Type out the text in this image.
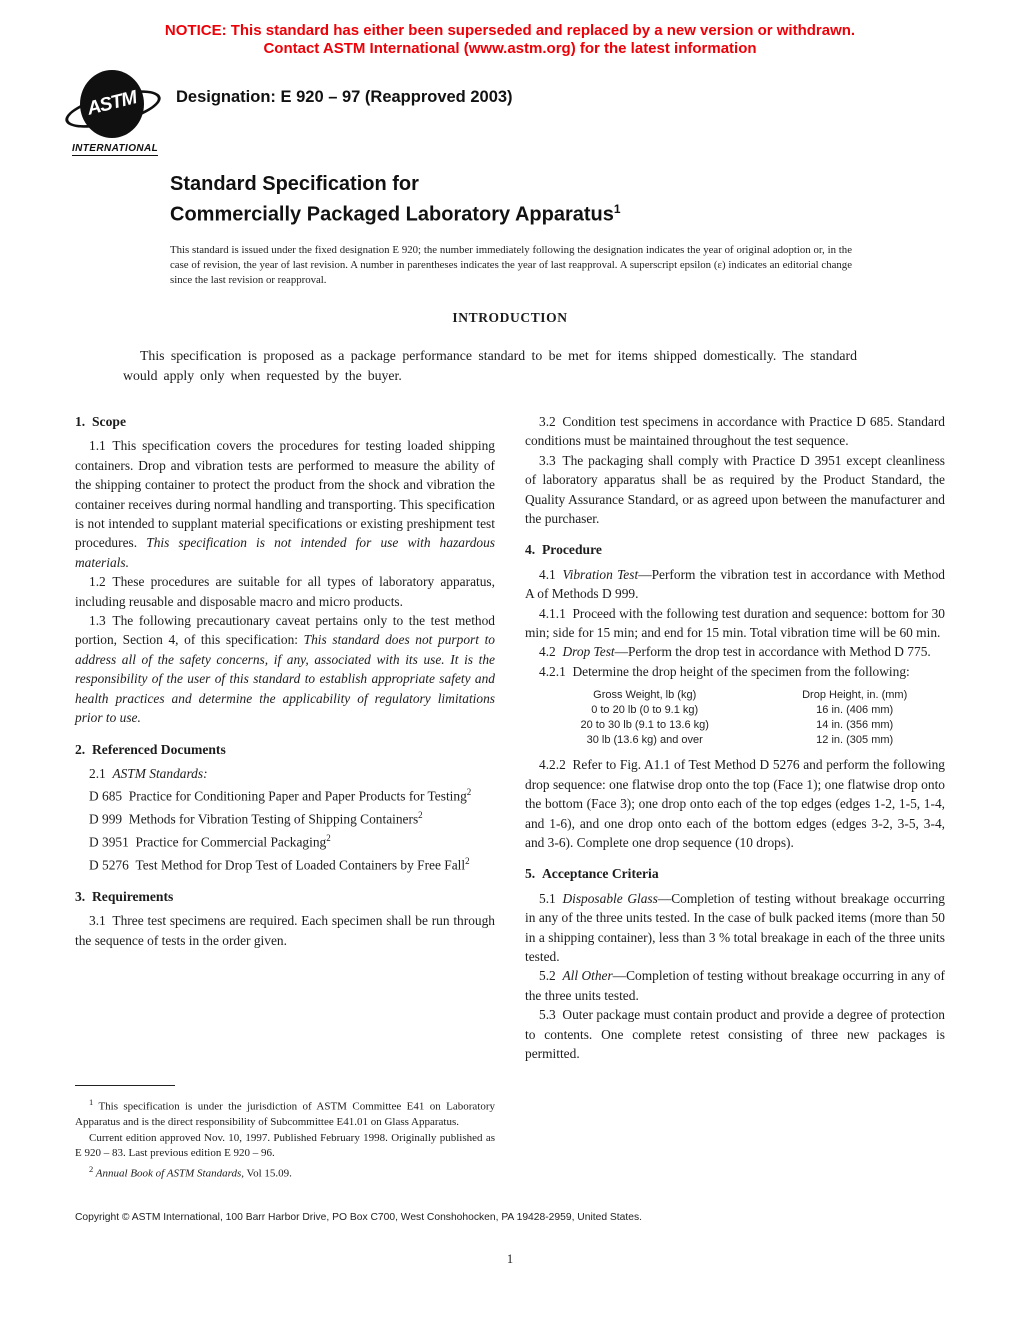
NOTICE: This standard has either been superseded and replaced by a new version or withdrawn.
Contact ASTM International (www.astm.org) for the latest information
ASTM
INTERNATIONAL
Designation: E 920 – 97 (Reapproved 2003)
Standard Specification for
Commercially Packaged Laboratory Apparatus$^1$
This standard is issued under the fixed designation E 920; the number immediately following the designation indicates the year of original adoption or, in the case of revision, the year of last revision. A number in parentheses indicates the year of last reapproval. A superscript epsilon (ε) indicates an editorial change since the last revision or reapproval.
INTRODUCTION
This specification is proposed as a package performance standard to be met for items shipped domestically. The standard would apply only when requested by the buyer.
1. Scope

1.1 This specification covers the procedures for testing loaded shipping containers. Drop and vibration tests are performed to measure the ability of the shipping container to protect the product from the shock and vibration the container receives during normal handling and transporting. This specification is not intended to supplant material specifications or existing preshipment test procedures. This specification is not intended for use with hazardous materials.

1.2 These procedures are suitable for all types of laboratory apparatus, including reusable and disposable macro and micro products.

1.3 The following precautionary caveat pertains only to the test method portion, Section 4, of this specification: This standard does not purport to address all of the safety concerns, if any, associated with its use. It is the responsibility of the user of this standard to establish appropriate safety and health practices and determine the applicability of regulatory limitations prior to use.

2. Referenced Documents

2.1 ASTM Standards:

D 685 Practice for Conditioning Paper and Paper Products for Testing$^2$

D 999 Methods for Vibration Testing of Shipping Containers$^2$

D 3951 Practice for Commercial Packaging$^2$

D 5276 Test Method for Drop Test of Loaded Containers by Free Fall$^2$

3. Requirements

3.1 Three test specimens are required. Each specimen shall be run through the sequence of tests in the order given.

$^1$ This specification is under the jurisdiction of ASTM Committee E41 on Laboratory Apparatus and is the direct responsibility of Subcommittee E41.01 on Glass Apparatus.

Current edition approved Nov. 10, 1997. Published February 1998. Originally published as E 920 – 83. Last previous edition E 920 – 96.

$^2$ Annual Book of ASTM Standards, Vol 15.09.

3.2 Condition test specimens in accordance with Practice D 685. Standard conditions must be maintained throughout the test sequence.

3.3 The packaging shall comply with Practice D 3951 except cleanliness of laboratory apparatus shall be as required by the Product Standard, the Quality Assurance Standard, or as agreed upon between the manufacturer and the purchaser.

4. Procedure

4.1 Vibration Test—Perform the vibration test in accordance with Method A of Methods D 999.

4.1.1 Proceed with the following test duration and sequence: bottom for 30 min; side for 15 min; and end for 15 min. Total vibration time will be 60 min.

4.2 Drop Test—Perform the drop test in accordance with Method D 775.

4.2.1 Determine the drop height of the specimen from the following:

Gross Weight, lb (kg)	Drop Height, in. (mm)
0 to 20 lb (0 to 9.1 kg)	16 in. (406 mm)
20 to 30 lb (9.1 to 13.6 kg)	14 in. (356 mm)
30 lb (13.6 kg) and over	12 in. (305 mm)

4.2.2 Refer to Fig. A1.1 of Test Method D 5276 and perform the following drop sequence: one flatwise drop onto the top (Face 1); one flatwise drop onto the bottom (Face 3); one drop onto each of the top edges (edges 1-2, 1-5, 1-4, and 1-6), and one drop onto each of the bottom edges (edges 3-2, 3-5, 3-4, and 3-6). Complete one drop sequence (10 drops).

5. Acceptance Criteria

5.1 Disposable Glass—Completion of testing without breakage occurring in any of the three units tested. In the case of bulk packed items (more than 50 in a shipping container), less than 3 % total breakage in each of the three units tested.

5.2 All Other—Completion of testing without breakage occurring in any of the three units tested.

5.3 Outer package must contain product and provide a degree of protection to contents. One complete retest consisting of three new packages is permitted.

Copyright © ASTM International, 100 Barr Harbor Drive, PO Box C700, West Conshohocken, PA 19428-2959, United States.
1
